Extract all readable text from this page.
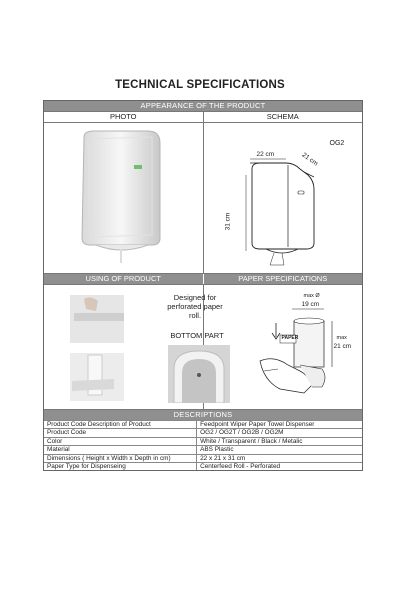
TECHNICAL SPECIFICATIONS
APPEARANCE OF THE PRODUCT
PHOTO	SCHEMA
OG2
22 cm	21 cm
31 cm
USING OF PRODUCT	PAPER SPECIFICATIONS
Designed for perforated paper roll.
BOTTOM PART
max Ø
19 cm
max
21 cm
PAPER
DESCRIPTIONS
Product Code Description of Product	Feedpoint Wiper Paper Towel Dispenser
Product Code	OG2 / OG2T / OG2B / OG2M
Color	White / Transparent / Black / Metalic
Material	ABS Plastic
Dimensions ( Height x Width x Depth in cm)	22 x 21 x 31 cm
Paper Type for Dispenseing	Centerfeed Roll - Perforated
